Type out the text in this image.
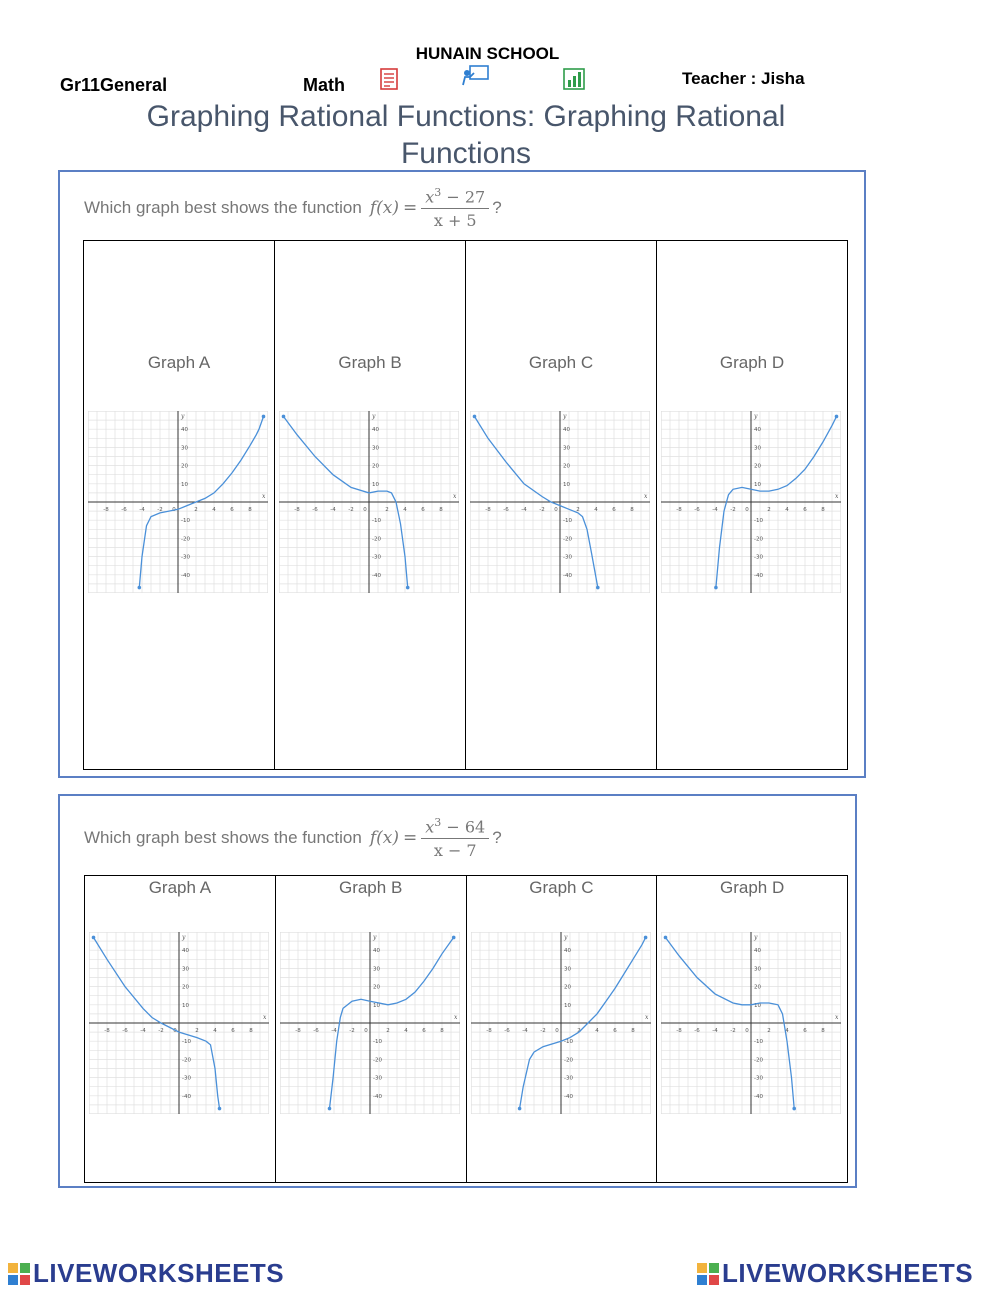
HUNAIN SCHOOL
Gr11General	Math	Teacher : Jisha
Graphing Rational Functions: Graphing Rational Functions
Which graph best shows the function $f(x) = \frac{x^3 - 27}{x + 5}$ ?
Graph A
-8 -6 -4 -2 0	2	4	6	8
40
30
20
10
-10
-20
-30
-40
x
y
Graph B
-8 -6 -4 -2 0	2	4	6	8
40
30
20
10
-10
-20
-30
-40
x
y
Graph C
-8 -6 -4 -2 0	2	4	6	8
40
30
20
10
-10
-20
-30
-40
x
y
Graph D
-8 -6 -4 -2 0	2	4	6	8
40
30
20
10
-10
-20
-30
-40
x
y
Which graph best shows the function $f(x) = \frac{x^3 - 64}{x - 7}$ ?
Graph A
-8 -6 -4 -2 0	2	4	6	8
40
30
20
10
-10
-20
-30
-40
x
y
Graph B
-8 -6 -4 -2 0	2	4	6	8
40
30
20
10
-10
-20
-30
-40
x
y
Graph C
-8 -6 -4 -2 0	2	4	6	8
40
30
20
10
-10
-20
-30
-40
x
y
Graph D
-8 -6 -4 -2 0	2	4	6	8
40
30
20
10
-10
-20
-30
-40
x
y
LIVEWORKSHEETS	LIVEWORKSHEETS
